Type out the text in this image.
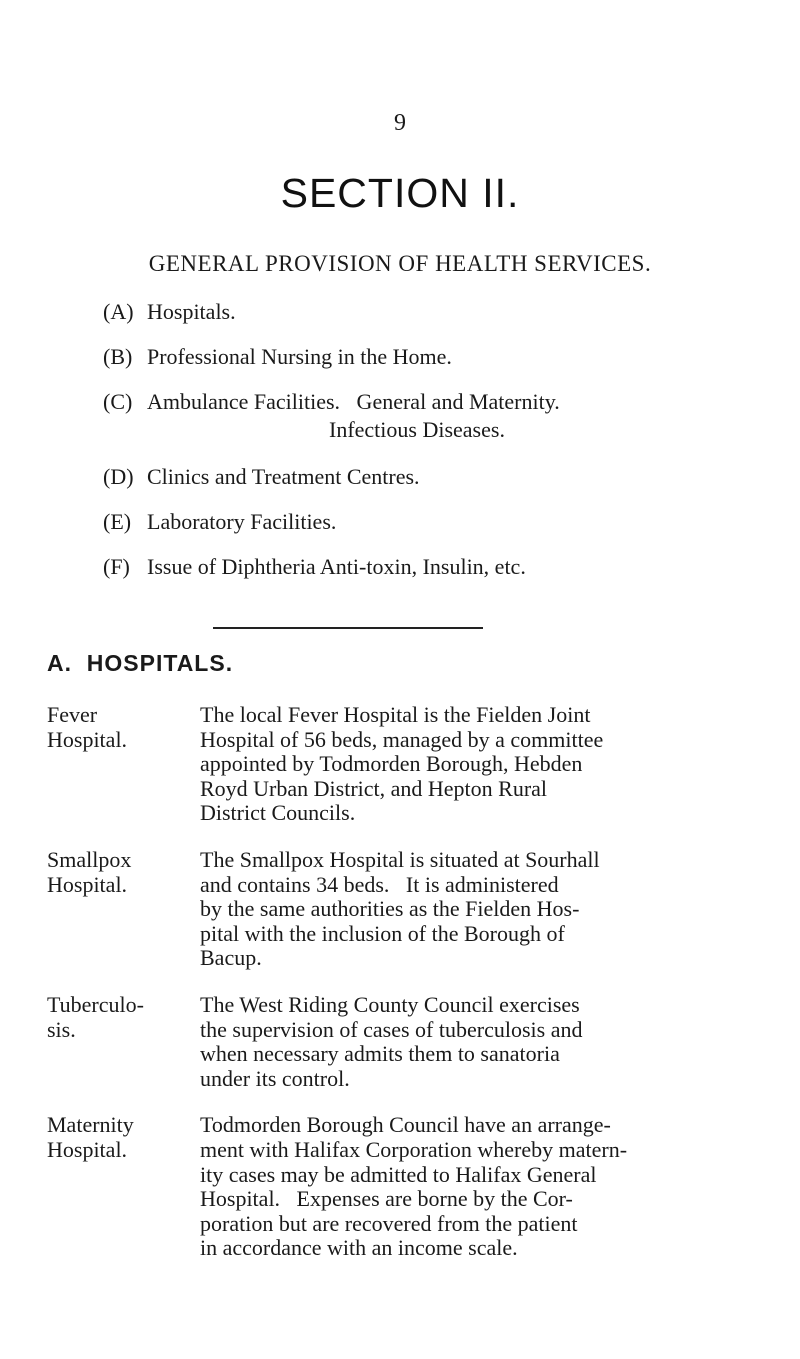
9
SECTION II.
GENERAL PROVISION OF HEALTH SERVICES.
(A) Hospitals.
(B) Professional Nursing in the Home.
(C) Ambulance Facilities.   General and Maternity.
Infectious Diseases.
(D) Clinics and Treatment Centres.
(E) Laboratory Facilities.
(F) Issue of Diphtheria Anti-toxin, Insulin, etc.
A.  HOSPITALS.
Fever
Hospital.
The local Fever Hospital is the Fielden Joint
Hospital of 56 beds, managed by a committee
appointed by Todmorden Borough, Hebden
Royd Urban District, and Hepton Rural
District Councils.
Smallpox
Hospital.
The Smallpox Hospital is situated at Sourhall
and contains 34 beds.   It is administered
by the same authorities as the Fielden Hos-
pital with the inclusion of the Borough of
Bacup.
Tuberculo-
sis.
The West Riding County Council exercises
the supervision of cases of tuberculosis and
when necessary admits them to sanatoria
under its control.
Maternity
Hospital.
Todmorden Borough Council have an arrange-
ment with Halifax Corporation whereby matern-
ity cases may be admitted to Halifax General
Hospital.   Expenses are borne by the Cor-
poration but are recovered from the patient
in accordance with an income scale.
